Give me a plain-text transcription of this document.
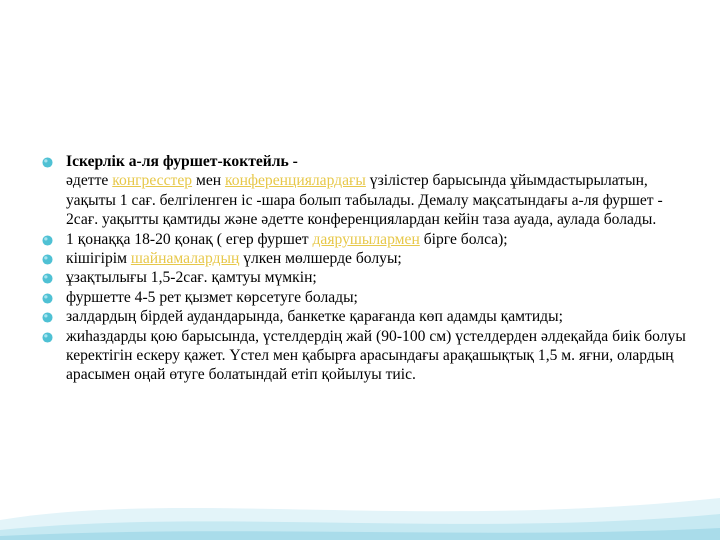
Іскерлік а-ля фуршет-коктейль -
әдетте конгресстер мен конференциялардағы үзілістер барысында ұйымдастырылатын, уақыты 1 сағ. белгіленген іс -шара болып табылады. Демалу мақсатындағы а-ля фуршет - 2сағ. уақытты қамтиды және әдетте конференциялардан кейін таза ауада, аулада болады.
1 қонаққа 18-20 қонақ ( егер фуршет даярушылармен бірге болса);
кішігірім шайнамалардың үлкен мөлшерде болуы;
ұзақтылығы 1,5-2сағ. қамтуы мүмкін;
фуршетте 4-5 рет қызмет көрсетуге болады;
залдардың бірдей аудандарында, банкетке қарағанда көп адамды қамтиды;
жиһаздарды қою барысында, үстелдердің жай (90-100 см) үстелдерден әлдеқайда биік болуы керектігін ескеру қажет. Үстел мен қабырға арасындағы арақашықтық 1,5 м. яғни, олардың арасымен оңай өтуге болатындай етіп қойылуы тиіс.
